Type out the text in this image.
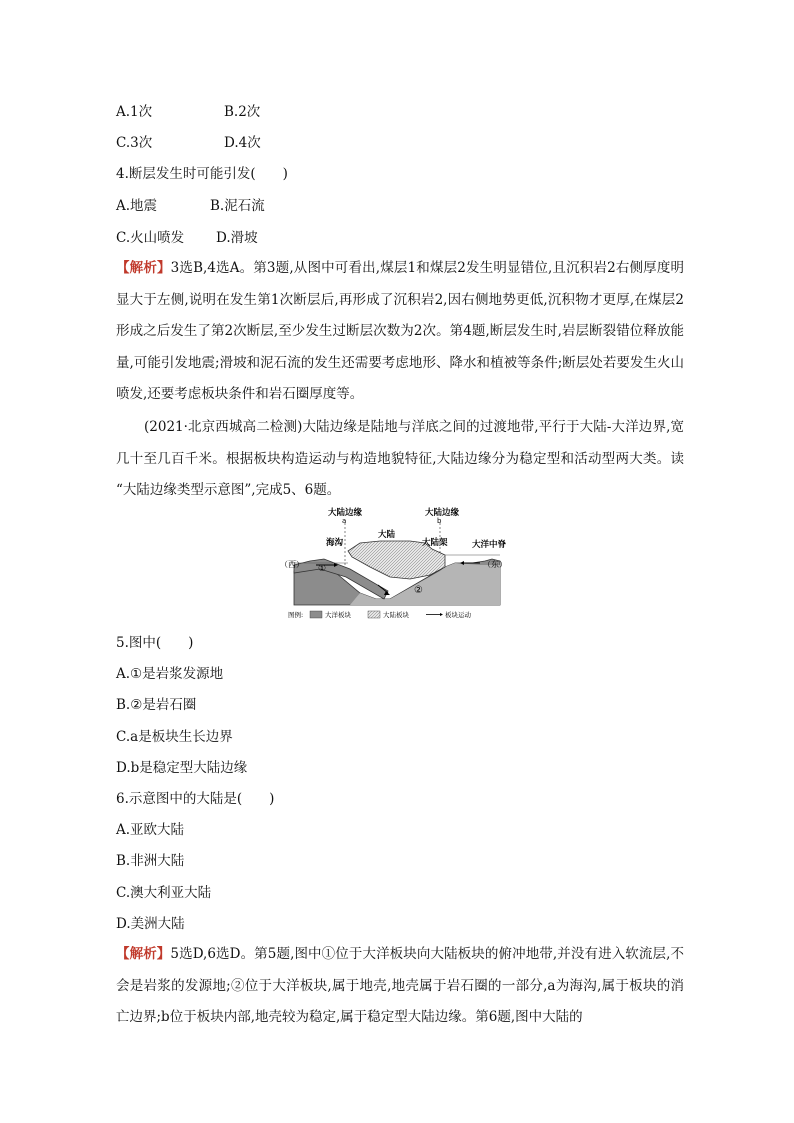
A.1次	B.2次
C.3次	D.4次
4.断层发生时可能引发(　　)
A.地震	B.泥石流
C.火山喷发 D.滑坡
【解析】3选B,4选A。第3题,从图中可看出,煤层1和煤层2发生明显错位,且沉积岩2右侧厚度明显大于左侧,说明在发生第1次断层后,再形成了沉积岩2,因右侧地势更低,沉积物才更厚,在煤层2形成之后发生了第2次断层,至少发生过断层次数为2次。第4题,断层发生时,岩层断裂错位释放能量,可能引发地震;滑坡和泥石流的发生还需要考虑地形、降水和植被等条件;断层处若要发生火山喷发,还要考虑板块条件和岩石圈厚度等。
(2021·北京西城高二检测)大陆边缘是陆地与洋底之间的过渡地带,平行于大陆-大洋边界,宽几十至几百千米。根据板块构造运动与构造地貌特征,大陆边缘分为稳定型和活动型两大类。读 “大陆边缘类型示意图”,完成5、6题。
大陆边缘
a
海沟
大陆
大陆边缘
b
大陆架	大洋中脊
（西）	（东）
①
②
图例:	大洋板块	大陆板块	板块运动
5.图中(　　)
A.①是岩浆发源地
B.②是岩石圈
C.a是板块生长边界
D.b是稳定型大陆边缘
6.示意图中的大陆是(　　)
A.亚欧大陆
B.非洲大陆
C.澳大利亚大陆
D.美洲大陆
【解析】5选D,6选D。第5题,图中①位于大洋板块向大陆板块的俯冲地带,并没有进入软流层,不会是岩浆的发源地;②位于大洋板块,属于地壳,地壳属于岩石圈的一部分,a为海沟,属于板块的消亡边界;b位于板块内部,地壳较为稳定,属于稳定型大陆边缘。第6题,图中大陆的
